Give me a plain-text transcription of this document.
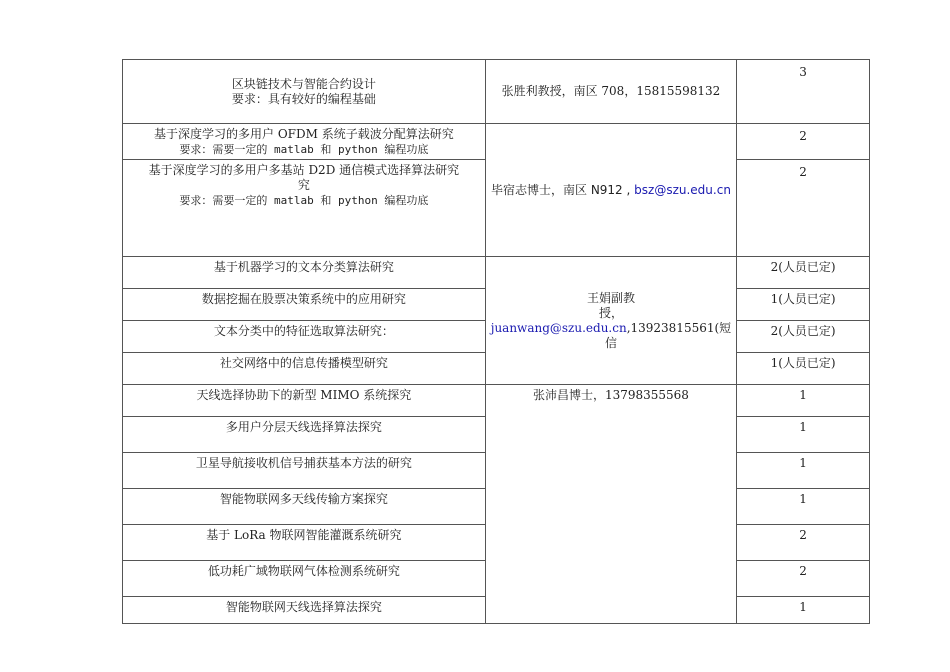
区块链技术与智能合约设计
要求：具有较好的编程基础	张胜利教授，南区 708，15815598132	3

基于深度学习的多用户 OFDM 系统子载波分配算法研究
要求：需要一定的 matlab 和 python 编程功底	毕宿志博士，南区 N912 , bsz@szu.edu.cn	2

基于深度学习的多用户多基站 D2D 通信模式选择算法研究
究
要求：需要一定的 matlab 和 python 编程功底		2
基于机器学习的文本分类算法研究	王娟副教
授，juanwang@szu.edu.cn,13923815561(短
信	2(人员已定)
数据挖掘在股票决策系统中的应用研究		1(人员已定)
文本分类中的特征选取算法研究：		2(人员已定)
社交网络中的信息传播模型研究		1(人员已定)
天线选择协助下的新型 MIMO 系统探究	张沛昌博士，13798355568	1
多用户分层天线选择算法探究		1
卫星导航接收机信号捕获基本方法的研究		1
智能物联网多天线传输方案探究		1
基于 LoRa 物联网智能灌溉系统研究		2
低功耗广域物联网气体检测系统研究		2
智能物联网天线选择算法探究		1
